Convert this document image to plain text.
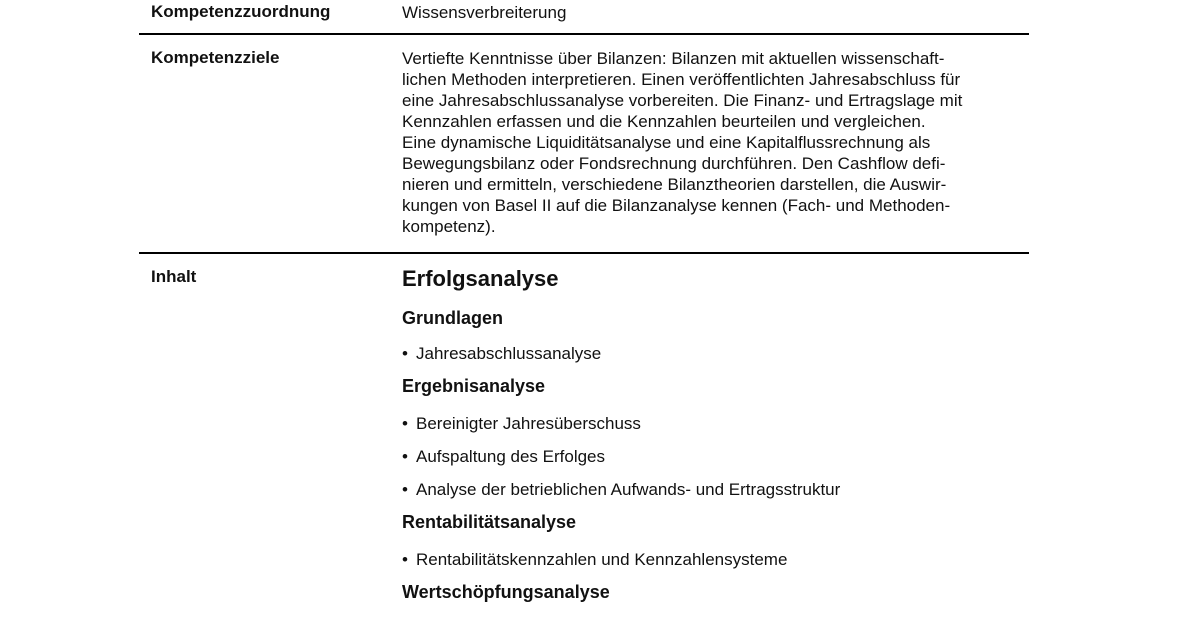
Kompetenzzuordnung	Wissensverbreiterung
Kompetenzziele	Vertiefte Kenntnisse über Bilanzen: Bilanzen mit aktuellen wissenschaft-
lichen Methoden interpretieren. Einen veröffentlichten Jahresabschluss für
eine Jahresabschlussanalyse vorbereiten. Die Finanz- und Ertragslage mit
Kennzahlen erfassen und die Kennzahlen beurteilen und vergleichen.
Eine dynamische Liquiditätsanalyse und eine Kapitalflussrechnung als
Bewegungsbilanz oder Fondsrechnung durchführen. Den Cashflow defi-
nieren und ermitteln, verschiedene Bilanztheorien darstellen, die Auswir-
kungen von Basel II auf die Bilanzanalyse kennen (Fach- und Methoden-
kompetenz).

Inhalt	Erfolgsanalyse
Grundlagen
• Jahresabschlussanalyse
Ergebnisanalyse
• Bereinigter Jahresüberschuss
• Aufspaltung des Erfolges
• Analyse der betrieblichen Aufwands- und Ertragsstruktur
Rentabilitätsanalyse
• Rentabilitätskennzahlen und Kennzahlensysteme
Wertschöpfungsanalyse
